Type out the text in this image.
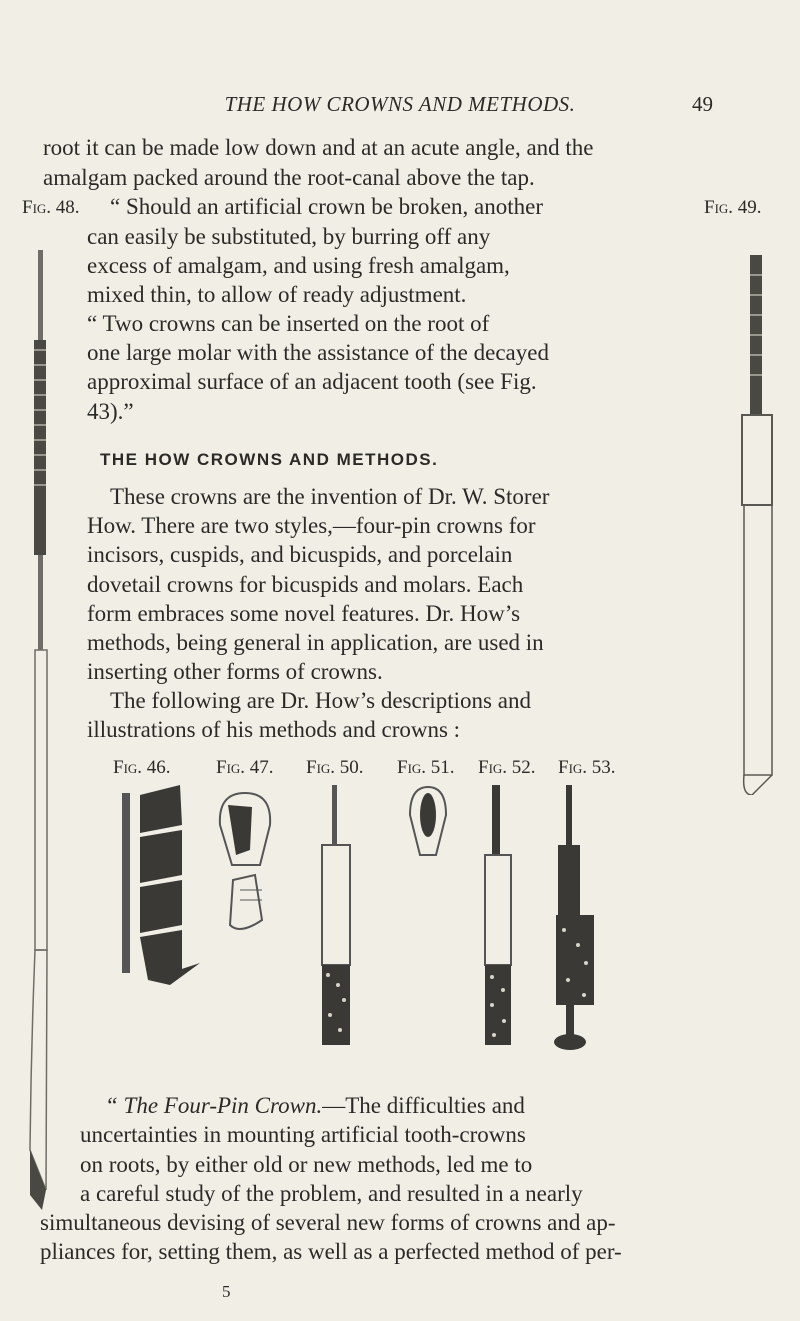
THE HOW CROWNS AND METHODS.	49
root it can be made low down and at an acute angle, and the
amalgam packed around the root-canal above the tap.
Fig. 48.	Fig. 49.
“ Should an artificial crown be broken, another
can easily be substituted, by burring off any
excess of amalgam, and using fresh amalgam,
mixed thin, to allow of ready adjustment.
“ Two crowns can be inserted on the root of
one large molar with the assistance of the decayed
approximal surface of an adjacent tooth (see Fig.
43).”
THE HOW CROWNS AND METHODS.
These crowns are the invention of Dr. W. Storer
How. There are two styles,—four-pin crowns for
incisors, cuspids, and bicuspids, and porcelain
dovetail crowns for bicuspids and molars. Each
form embraces some novel features. Dr. How’s
methods, being general in application, are used in
inserting other forms of crowns.
The following are Dr. How’s descriptions and
illustrations of his methods and crowns :
Fig. 46. Fig. 47. Fig. 50. Fig. 51. Fig. 52. Fig. 53.
“ The Four-Pin Crown.—The difficulties and
uncertainties in mounting artificial tooth-crowns
on roots, by either old or new methods, led me to
a careful study of the problem, and resulted in a nearly
simultaneous devising of several new forms of crowns and ap-
pliances for, setting them, as well as a perfected method of per-
5
